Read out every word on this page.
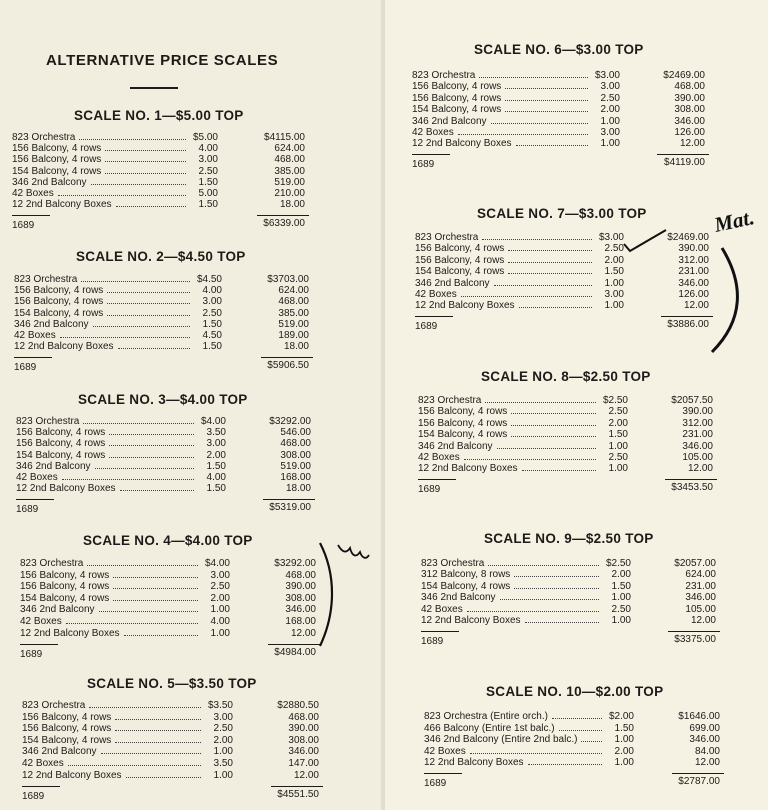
ALTERNATIVE PRICE SCALES
SCALE NO. 1—$5.00 TOP
823 Orchestra	$5.00	$4115.00
156 Balcony, 4 rows	4.00	624.00
156 Balcony, 4 rows	3.00	468.00
154 Balcony, 4 rows	2.50	385.00
346 2nd Balcony	1.50	519.00
42 Boxes	5.00	210.00
12 2nd Balcony Boxes	1.50	18.00
1689	$6339.00
SCALE NO. 2—$4.50 TOP
823 Orchestra	$4.50	$3703.00
156 Balcony, 4 rows	4.00	624.00
156 Balcony, 4 rows	3.00	468.00
154 Balcony, 4 rows	2.50	385.00
346 2nd Balcony	1.50	519.00
42 Boxes	4.50	189.00
12 2nd Balcony Boxes	1.50	18.00
1689	$5906.50
SCALE NO. 3—$4.00 TOP
823 Orchestra	$4.00	$3292.00
156 Balcony, 4 rows	3.50	546.00
156 Balcony, 4 rows	3.00	468.00
154 Balcony, 4 rows	2.00	308.00
346 2nd Balcony	1.50	519.00
42 Boxes	4.00	168.00
12 2nd Balcony Boxes	1.50	18.00
1689	$5319.00
SCALE NO. 4—$4.00 TOP
823 Orchestra	$4.00	$3292.00
156 Balcony, 4 rows	3.00	468.00
156 Balcony, 4 rows	2.50	390.00
154 Balcony, 4 rows	2.00	308.00
346 2nd Balcony	1.00	346.00
42 Boxes	4.00	168.00
12 2nd Balcony Boxes	1.00	12.00
1689	$4984.00
SCALE NO. 5—$3.50 TOP
823 Orchestra	$3.50	$2880.50
156 Balcony, 4 rows	3.00	468.00
156 Balcony, 4 rows	2.50	390.00
154 Balcony, 4 rows	2.00	308.00
346 2nd Balcony	1.00	346.00
42 Boxes	3.50	147.00
12 2nd Balcony Boxes	1.00	12.00
1689	$4551.50
SCALE NO. 6—$3.00 TOP
823 Orchestra	$3.00	$2469.00
156 Balcony, 4 rows	3.00	468.00
156 Balcony, 4 rows	2.50	390.00
154 Balcony, 4 rows	2.00	308.00
346 2nd Balcony	1.00	346.00
42 Boxes	3.00	126.00
12 2nd Balcony Boxes	1.00	12.00
1689	$4119.00
SCALE NO. 7—$3.00 TOP
823 Orchestra	$3.00	$2469.00
156 Balcony, 4 rows	2.50	390.00
156 Balcony, 4 rows	2.00	312.00
154 Balcony, 4 rows	1.50	231.00
346 2nd Balcony	1.00	346.00
42 Boxes	3.00	126.00
12 2nd Balcony Boxes	1.00	12.00
1689	$3886.00
SCALE NO. 8—$2.50 TOP
823 Orchestra	$2.50	$2057.50
156 Balcony, 4 rows	2.50	390.00
156 Balcony, 4 rows	2.00	312.00
154 Balcony, 4 rows	1.50	231.00
346 2nd Balcony	1.00	346.00
42 Boxes	2.50	105.00
12 2nd Balcony Boxes	1.00	12.00
1689	$3453.50
SCALE NO. 9—$2.50 TOP
823 Orchestra	$2.50	$2057.00
312 Balcony, 8 rows	2.00	624.00
154 Balcony, 4 rows	1.50	231.00
346 2nd Balcony	1.00	346.00
42 Boxes	2.50	105.00
12 2nd Balcony Boxes	1.00	12.00
1689	$3375.00
SCALE NO. 10—$2.00 TOP
823 Orchestra (Entire orch.)	$2.00	$1646.00
466 Balcony (Entire 1st balc.)	1.50	699.00
346 2nd Balcony (Entire 2nd balc.)	1.00	346.00
42 Boxes	2.00	84.00
12 2nd Balcony Boxes	1.00	12.00
1689	$2787.00
Mat.
